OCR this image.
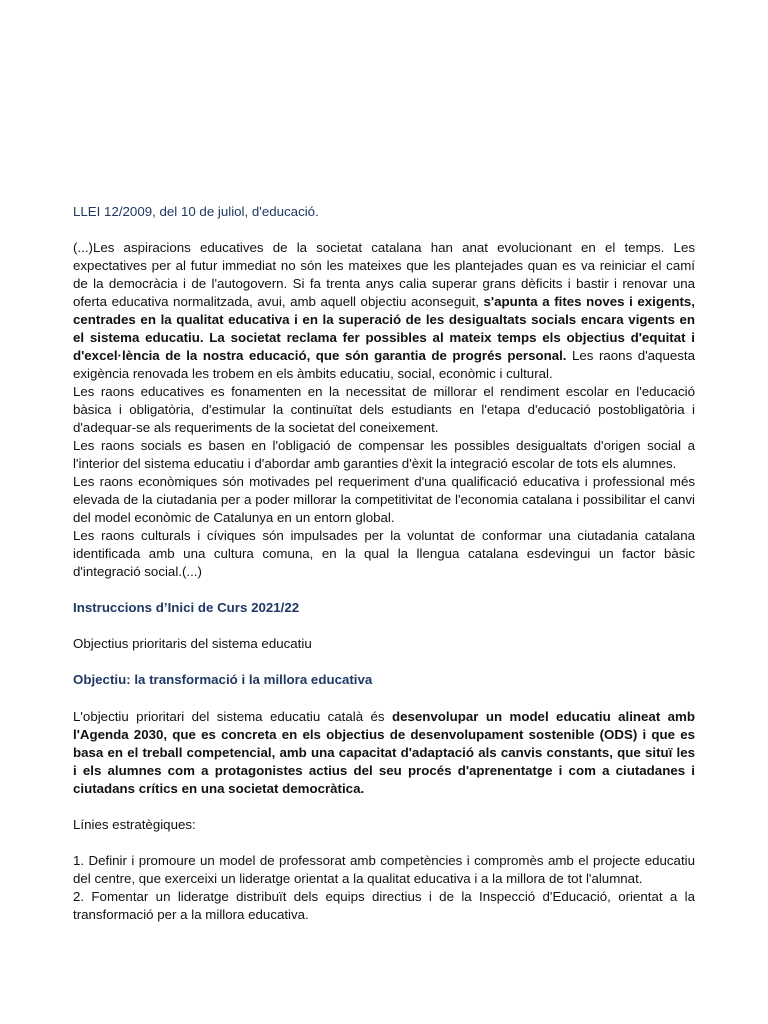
LLEI 12/2009, del 10 de juliol, d'educació.

(...)Les aspiracions educatives de la societat catalana han anat evolucionant en el temps. Les expectatives per al futur immediat no són les mateixes que les plantejades quan es va reiniciar el camí de la democràcia i de l'autogovern. Si fa trenta anys calia superar grans dèficits i bastir i renovar una oferta educativa normalitzada, avui, amb aquell objectiu aconseguit, s'apunta a fites noves i exigents, centrades en la qualitat educativa i en la superació de les desigualtats socials encara vigents en el sistema educatiu. La societat reclama fer possibles al mateix temps els objectius d'equitat i d'excel·lència de la nostra educació, que són garantia de progrés personal. Les raons d'aquesta exigència renovada les trobem en els àmbits educatiu, social, econòmic i cultural.

Les raons educatives es fonamenten en la necessitat de millorar el rendiment escolar en l'educació bàsica i obligatòria, d'estimular la continuïtat dels estudiants en l'etapa d'educació postobligatòria i d'adequar-se als requeriments de la societat del coneixement.

Les raons socials es basen en l'obligació de compensar les possibles desigualtats d'origen social a l'interior del sistema educatiu i d'abordar amb garanties d'èxit la integració escolar de tots els alumnes.

Les raons econòmiques són motivades pel requeriment d'una qualificació educativa i professional més elevada de la ciutadania per a poder millorar la competitivitat de l'economia catalana i possibilitar el canvi del model econòmic de Catalunya en un entorn global.

Les raons culturals i cíviques són impulsades per la voluntat de conformar una ciutadania catalana identificada amb una cultura comuna, en la qual la llengua catalana esdevingui un factor bàsic d'integració social.(...)

Instruccions d’Inici de Curs 2021/22

Objectius prioritaris del sistema educatiu

Objectiu: la transformació i la millora educativa

L'objectiu prioritari del sistema educatiu català és desenvolupar un model educatiu alineat amb l'Agenda 2030, que es concreta en els objectius de desenvolupament sostenible (ODS) i que es basa en el treball competencial, amb una capacitat d'adaptació als canvis constants, que situï les i els alumnes com a protagonistes actius del seu procés d'aprenentatge i com a ciutadanes i ciutadans crítics en una societat democràtica.

Línies estratègiques:

1. Definir i promoure un model de professorat amb competències i compromès amb el projecte educatiu del centre, que exerceixi un lideratge orientat a la qualitat educativa i a la millora de tot l'alumnat.

2. Fomentar un lideratge distribuït dels equips directius i de la Inspecció d'Educació, orientat a la transformació per a la millora educativa.
